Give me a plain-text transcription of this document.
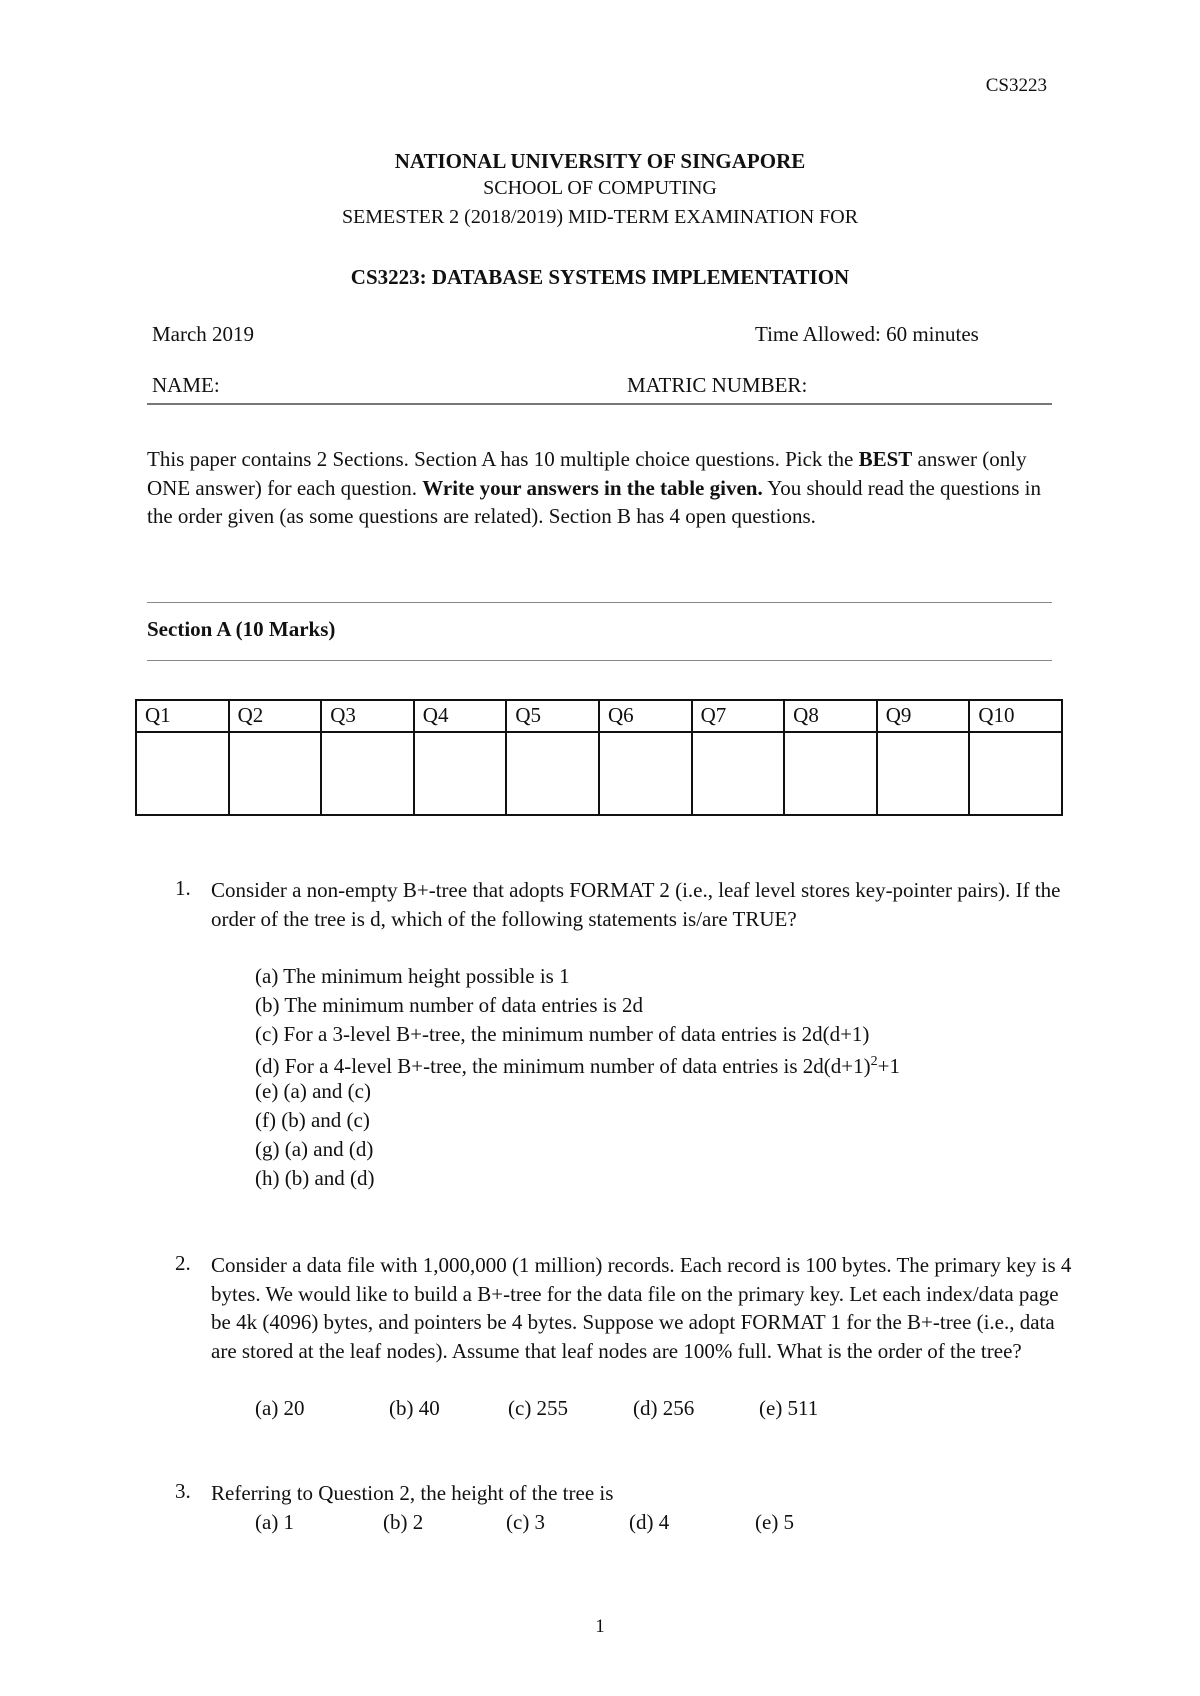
CS3223
NATIONAL UNIVERSITY OF SINGAPORE
SCHOOL OF COMPUTING
SEMESTER 2 (2018/2019) MID-TERM EXAMINATION FOR
CS3223: DATABASE SYSTEMS IMPLEMENTATION
March 2019	Time Allowed: 60 minutes
NAME:	MATRIC NUMBER:
This paper contains 2 Sections. Section A has 10 multiple choice questions. Pick the BEST answer (only ONE answer) for each question. Write your answers in the table given. You should read the questions in the order given (as some questions are related). Section B has 4 open questions.
Section A (10 Marks)
Q1	Q2	Q3	Q4	Q5	Q6	Q7	Q8	Q9	Q10

1. Consider a non-empty B+-tree that adopts FORMAT 2 (i.e., leaf level stores key-pointer pairs). If the order of the tree is d, which of the following statements is/are TRUE?
(a) The minimum height possible is 1
(b) The minimum number of data entries is 2d
(c) For a 3-level B+-tree, the minimum number of data entries is 2d(d+1)
(d) For a 4-level B+-tree, the minimum number of data entries is $2d(d+1)^2+1$
(e) (a) and (c)
(f) (b) and (c)
(g) (a) and (d)
(h) (b) and (d)
2. Consider a data file with 1,000,000 (1 million) records. Each record is 100 bytes. The primary key is 4 bytes. We would like to build a B+-tree for the data file on the primary key. Let each index/data page be 4k (4096) bytes, and pointers be 4 bytes. Suppose we adopt FORMAT 1 for the B+-tree (i.e., data are stored at the leaf nodes). Assume that leaf nodes are 100% full. What is the order of the tree?
(a) 20	(b) 40	(c) 255	(d) 256	(e) 511
3. Referring to Question 2, the height of the tree is
(a) 1	(b) 2	(c) 3	(d) 4	(e) 5
1
